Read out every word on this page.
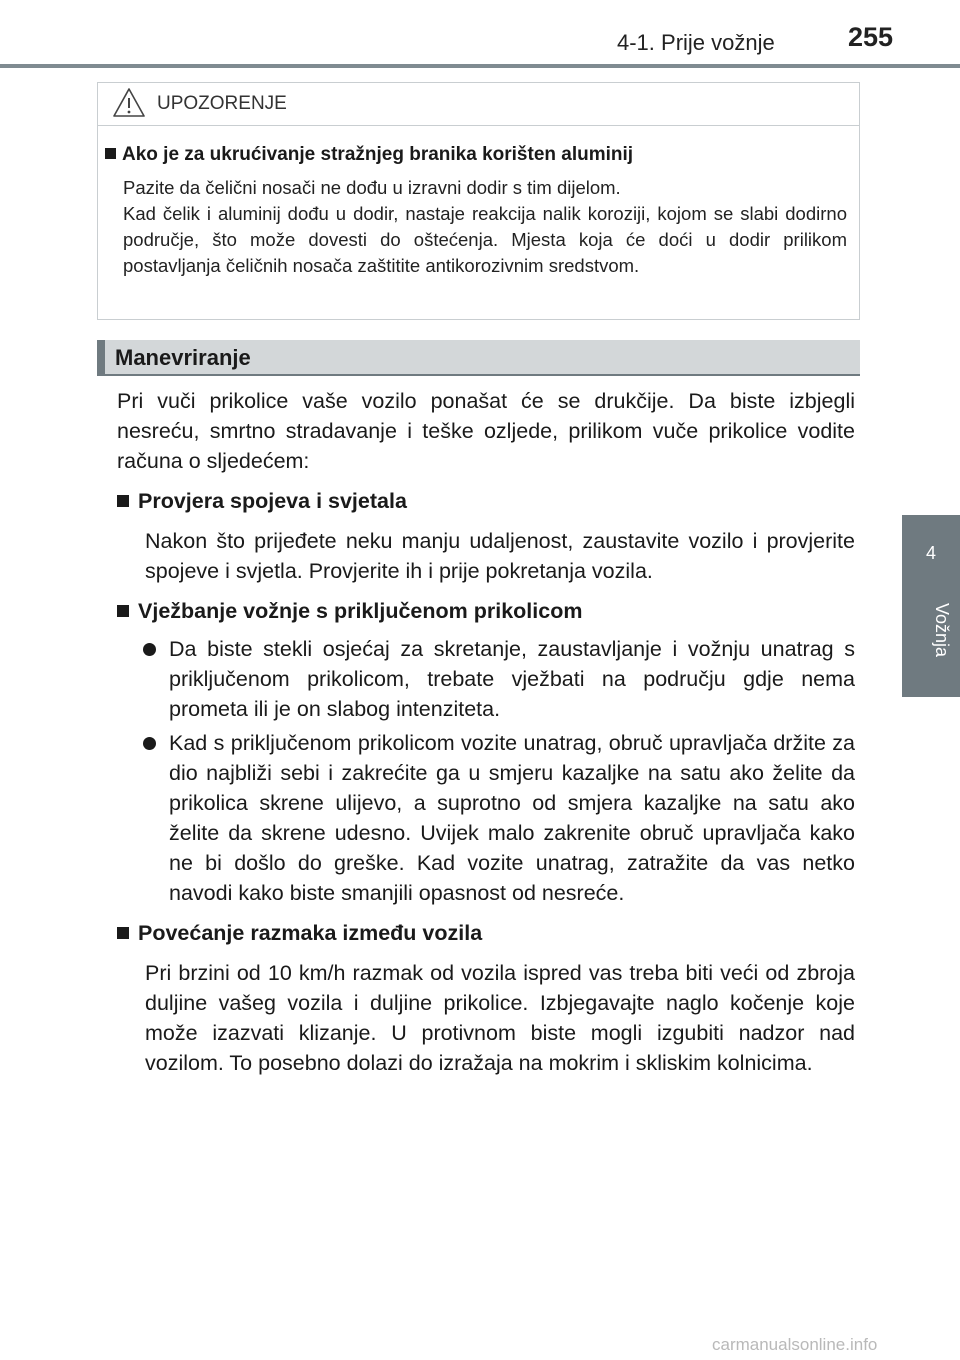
4-1. Prije vožnje	255
4
Vožnja
UPOZORENJE
Ako je za ukrućivanje stražnjeg branika korišten aluminij

Pazite da čelični nosači ne dođu u izravni dodir s tim dijelom.

Kad čelik i aluminij dođu u dodir, nastaje reakcija nalik koroziji, kojom se slabi dodirno područje, što može dovesti do oštećenja. Mjesta koja će doći u dodir prilikom postavljanja čeličnih nosača zaštitite antikorozivnim sredstvom.

Manevriranje

Pri vuči prikolice vaše vozilo ponašat će se drukčije. Da biste izbjegli nesreću, smrtno stradavanje i teške ozljede, prilikom vuče prikolice vodite računa o sljedećem:

Provjera spojeva i svjetala

Nakon što prijeđete neku manju udaljenost, zaustavite vozilo i provjerite spojeve i svjetla. Provjerite ih i prije pokretanja vozila.

Vježbanje vožnje s priključenom prikolicom
Da biste stekli osjećaj za skretanje, zaustavljanje i vožnju unatrag s priključenom prikolicom, trebate vježbati na području gdje nema prometa ili je on slabog intenziteta.
Kad s priključenom prikolicom vozite unatrag, obruč upravljača držite za dio najbliži sebi i zakrećite ga u smjeru kazaljke na satu ako želite da prikolica skrene ulijevo, a suprotno od smjera kazaljke na satu ako želite da skrene udesno. Uvijek malo zakrenite obruč upravljača kako ne bi došlo do greške. Kad vozite unatrag, zatražite da vas netko navodi kako biste smanjili opasnost od nesreće.
Povećanje razmaka između vozila

Pri brzini od 10 km/h razmak od vozila ispred vas treba biti veći od zbroja duljine vašeg vozila i duljine prikolice. Izbjegavajte naglo kočenje koje može izazvati klizanje. U protivnom biste mogli izgubiti nadzor nad vozilom. To posebno dolazi do izražaja na mokrim i skliskim kolnicima.

carmanualsonline.info
